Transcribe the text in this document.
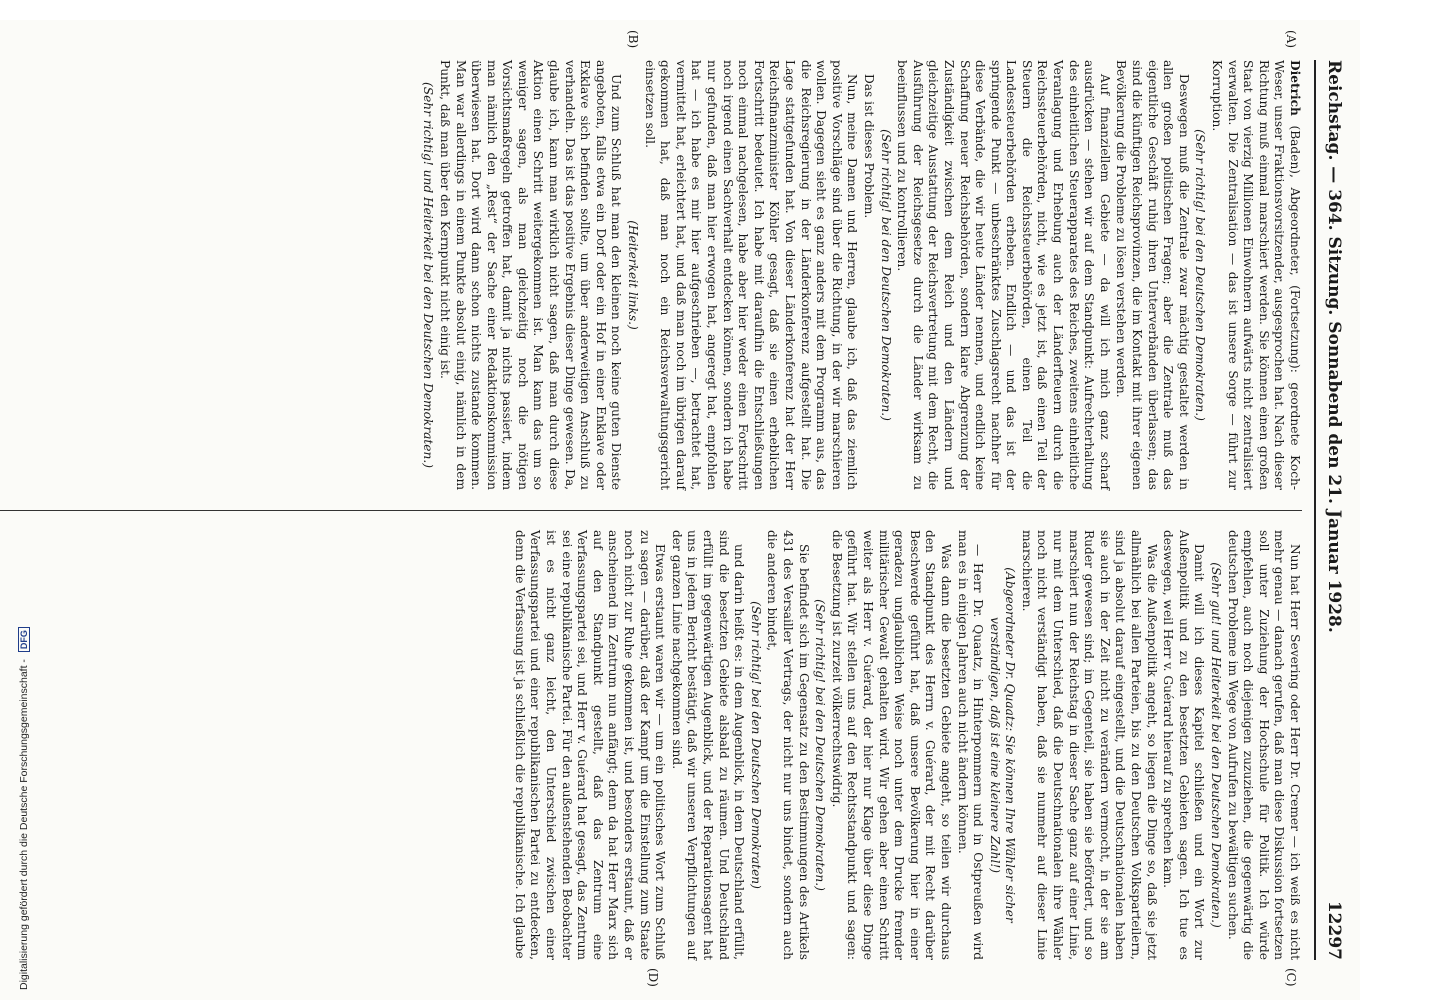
Reichstag. — 364. Sitzung. Sonnabend den 21. Januar 1928.
12297
(A)
(B)
(C)
(D)

Dietrich (Baden), Abgeordneter, (Fortsetzung): geordnete Koch-Weser, unser Fraktionsvorsitzender, ausgesprochen hat. Nach dieser Richtung muß einmal marschiert werden. Sie können einen großen Staat von vierzig Millionen Einwohnern aufwärts nicht zentralisiert verwalten. Die Zentralisation — das ist unsere Sorge — führt zur Korruption.

(Sehr richtig! bei den Deutschen Demokraten.)

Deswegen muß die Zentrale zwar mächtig gestaltet werden in allen großen politischen Fragen; aber die Zentrale muß das eigentliche Geschäft ruhig ihren Unterverbänden überlassen; das sind die künftigen Reichsprovinzen, die im Kontakt mit ihrer eigenen Bevölkerung die Probleme zu lösen verstehen werden.

Auf finanziellem Gebiete — da will ich mich ganz scharf ausdrücken — stehen wir auf dem Standpunkt: Aufrechterhaltung des einheitlichen Steuerapparates des Reiches, zweitens einheitliche Veranlagung und Erhebung auch der Länderfteuern durch die Reichssteuerbehörden, nicht, wie es jetzt ist, daß einen Teil der Steuern die Reichssteuerbehörden, einen Teil die Landessteuerbehörden erheben. Endlich — und das ist der springende Punkt — unbeschränktes Zuschlagsrecht nachher für diese Verbände, die wir heute Länder nennen, und endlich keine Schaffung neuer Reichsbehörden, sondern klare Abgrenzung der Zuständigkeit zwischen dem Reich und den Ländern und gleichzeitige Ausstattung der Reichsvertretung mit dem Recht, die Ausführung der Reichsgesetze durch die Länder wirksam zu beeinflussen und zu kontrollieren.

(Sehr richtig! bei den Deutschen Demokraten.)

Das ist dieses Problem.

Nun, meine Damen und Herren, glaube ich, daß das ziemlich positive Vorschläge sind über die Richtung, in der wir marschieren wollen. Dagegen sieht es ganz anders mit dem Programm aus, das die Reichsregierung in der Länderkonferenz aufgestellt hat. Die Lage stattgefunden hat. Von dieser Länderkonferenz hat der Herr Reichsfinanzminister Köhler gesagt, daß sie einen erheblichen Fortschritt bedeutet. Ich habe mit daraufhin die Entschließungen noch einmal nachgelesen, habe aber hier weder einen Fortschritt noch irgend einen Sachverhalt entdecken können, sondern ich habe nur gefunden, daß man hier erwogen hat, angeregt hat, empfohlen hat — ich habe es mir hier aufgeschrieben —, betrachtet hat, vermittelt hat, erleichtert hat, und daß man noch im übrigen darauf gekommen hat, daß man noch ein Reichsverwaltungsgericht einsetzen soll.

(Heiterkeit links.)

Und zum Schluß hat man den kleinen noch keine guten Dienste angeboten, falls etwa ein Dorf oder ein Hof in einer Enklave oder Exklave sich befinden sollte, um über anderweitigen Anschluß zu verhandeln. Das ist das positive Ergebnis dieser Dinge gewesen. Da, glaube ich, kann man wirklich nicht sagen, daß man durch diese Aktion einen Schritt weitergekommen ist. Man kann das um so weniger sagen, als man gleichzeitig noch die nötigen Vorsichtsmaßregeln getroffen hat, damit ja nichts passiert, indem man nämlich den „Rest“ der Sache einer Redaktionskommission überwiesen hat. Dort wird dann schon nichts zustande kommen. Man war allerdings in einem Punkte absolut einig, nämlich in dem Punkt, daß man über den Kernpunkt nicht einig ist.

(Sehr richtig! und Heiterkeit bei den Deutschen Demokraten.)

Nun hat Herr Severing oder Herr Dr. Cremer — ich weiß es nicht mehr genau — danach gerufen, daß man diese Diskussion fortsetzen soll unter Zuziehung der Hochschule für Politik. Ich würde empfehlen, auch noch diejenigen zuzuziehen, die gegenwärtig die deutschen Probleme im Wege von Aufrufen zu bewältigen suchen.

(Sehr gut! und Heiterkeit bei den Deutschen Demokraten.)

Damit will ich dieses Kapitel schließen und ein Wort zur Außenpolitik und zu den besetzten Gebieten sagen. Ich tue es deswegen, weil Herr v. Guérard hierauf zu sprechen kam.

Was die Außenpolitik angeht, so liegen die Dinge so, daß sie jetzt allmählich bei allen Parteien, bis zu den Deutschen Volksparteilern, sind ja absolut darauf eingestellt, und die Deutschnationalen haben sie auch in der Zeit nicht zu verändern vermocht, in der sie am Ruder gewesen sind; im Gegenteil, sie haben sie befördert, und so marschiert nun der Reichstag in dieser Sache ganz auf einer Linie, nur mit dem Unterschied, daß die Deutschnationalen ihre Wähler noch nicht verständigt haben, daß sie nunmehr auf dieser Linie marschieren.

(Abgeordneter Dr. Quaatz: Sie können Ihre Wähler sicher verständigen, daß ist eine kleinere Zahl!)

— Herr Dr. Quaatz, in Hinterpommern und in Ostpreußen wird man es in einigen Jahren auch nicht ändern können.

Was dann die besetzten Gebiete angeht, so teilen wir durchaus den Standpunkt des Herrn v. Guérard, der mit Recht darüber Beschwerde geführt hat, daß unsere Bevölkerung hier in einer geradezu unglaublichen Weise noch unter dem Drucke fremder militärischer Gewalt gehalten wird. Wir gehen aber einen Schritt weiter als Herr v. Guérard, der hier nur Klage über diese Dinge geführt hat. Wir stellen uns auf den Rechtsstandpunkt und sagen: die Besetzung ist zurzeit völkerrechtswidrig.

(Sehr richtig! bei den Deutschen Demokraten.)

Sie befindet sich im Gegensatz zu den Bestimmungen des Artikels 431 des Versailler Vertrags, der nicht nur uns bindet, sondern auch die anderen bindet,

(Sehr richtig! bei den Deutschen Demokraten)

und darin heißt es: in dem Augenblick, in dem Deutschland erfüllt, sind die besetzten Gebiete alsbald zu räumen. Und Deutschland erfüllt im gegenwärtigen Augenblick, und der Reparationsagent hat uns in jedem Bericht bestätigt, daß wir unseren Verpflichtungen auf der ganzen Linie nachgekommen sind.

Etwas erstaunt waren wir — um ein politisches Wort zum Schluß zu sagen — darüber, daß der Kampf um die Einstellung zum Staate noch nicht zur Ruhe gekommen ist, und besonders erstaunt, daß er anscheinend im Zentrum nun anfängt; denn da hat Herr Marx sich auf den Standpunkt gestellt, daß das Zentrum eine Verfassungspartei sei, und Herr v. Guérard hat gesagt, das Zentrum sei eine republikanische Partei. Für den außenstehenden Beobachter ist es nicht ganz leicht, den Unterschied zwischen einer Verfassungspartei und einer republikanischen Partei zu entdecken, denn die Verfassung ist ja schließlich die republikanische. Ich glaube

Digitalisierung gefördert durch die Deutsche Forschungsgemeinschaft - DFG
